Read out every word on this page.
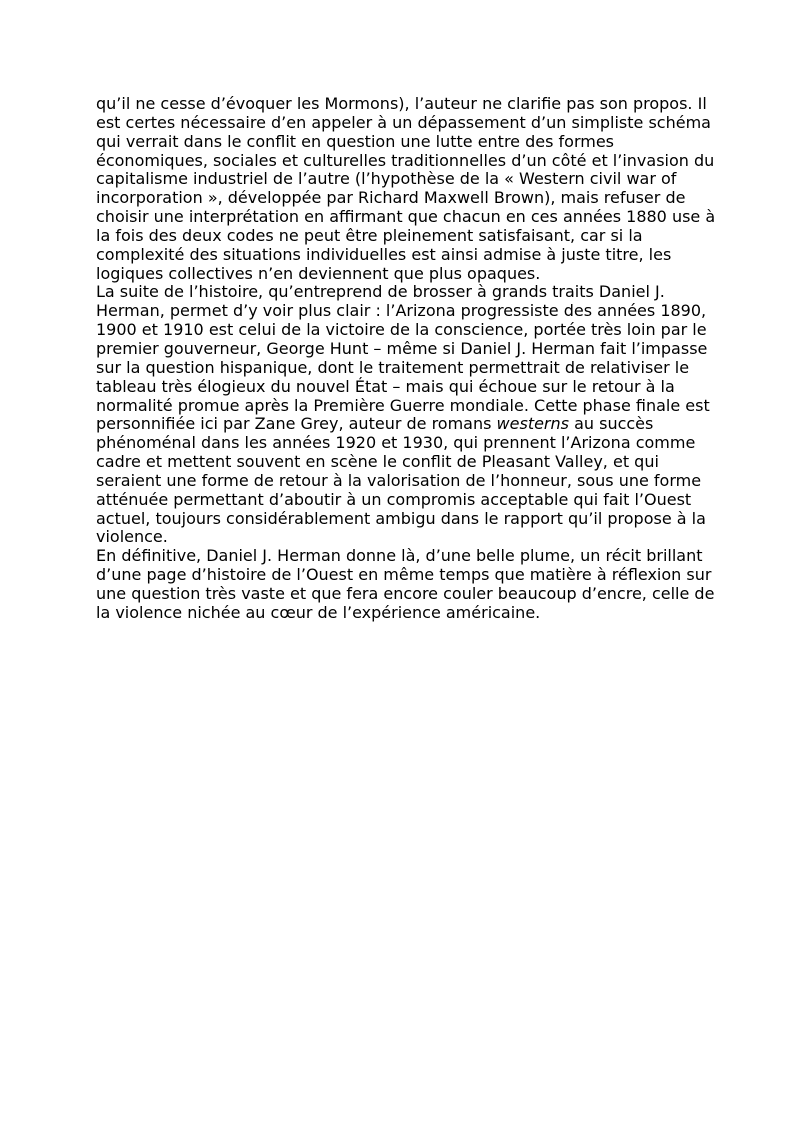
qu’il ne cesse d’évoquer les Mormons), l’auteur ne clarifie pas son propos. Il est certes nécessaire d’en appeler à un dépassement d’un simpliste schéma qui verrait dans le conflit en question une lutte entre des formes économiques, sociales et culturelles traditionnelles d’un côté et l’invasion du capitalisme industriel de l’autre (l’hypothèse de la « Western civil war of incorporation », développée par Richard Maxwell Brown), mais refuser de choisir une interprétation en affirmant que chacun en ces années 1880 use à la fois des deux codes ne peut être pleinement satisfaisant, car si la complexité des situations individuelles est ainsi admise à juste titre, les logiques collectives n’en deviennent que plus opaques.

La suite de l’histoire, qu’entreprend de brosser à grands traits Daniel J. Herman, permet d’y voir plus clair : l’Arizona progressiste des années 1890, 1900 et 1910 est celui de la victoire de la conscience, portée très loin par le premier gouverneur, George Hunt – même si Daniel J. Herman fait l’impasse sur la question hispanique, dont le traitement permettrait de relativiser le tableau très élogieux du nouvel État – mais qui échoue sur le retour à la normalité promue après la Première Guerre mondiale. Cette phase finale est personnifiée ici par Zane Grey, auteur de romans westerns au succès phénoménal dans les années 1920 et 1930, qui prennent l’Arizona comme cadre et mettent souvent en scène le conflit de Pleasant Valley, et qui seraient une forme de retour à la valorisation de l’honneur, sous une forme atténuée permettant d’aboutir à un compromis acceptable qui fait l’Ouest actuel, toujours considérablement ambigu dans le rapport qu’il propose à la violence.

En définitive, Daniel J. Herman donne là, d’une belle plume, un récit brillant d’une page d’histoire de l’Ouest en même temps que matière à réflexion sur une question très vaste et que fera encore couler beaucoup d’encre, celle de la violence nichée au cœur de l’expérience américaine.
